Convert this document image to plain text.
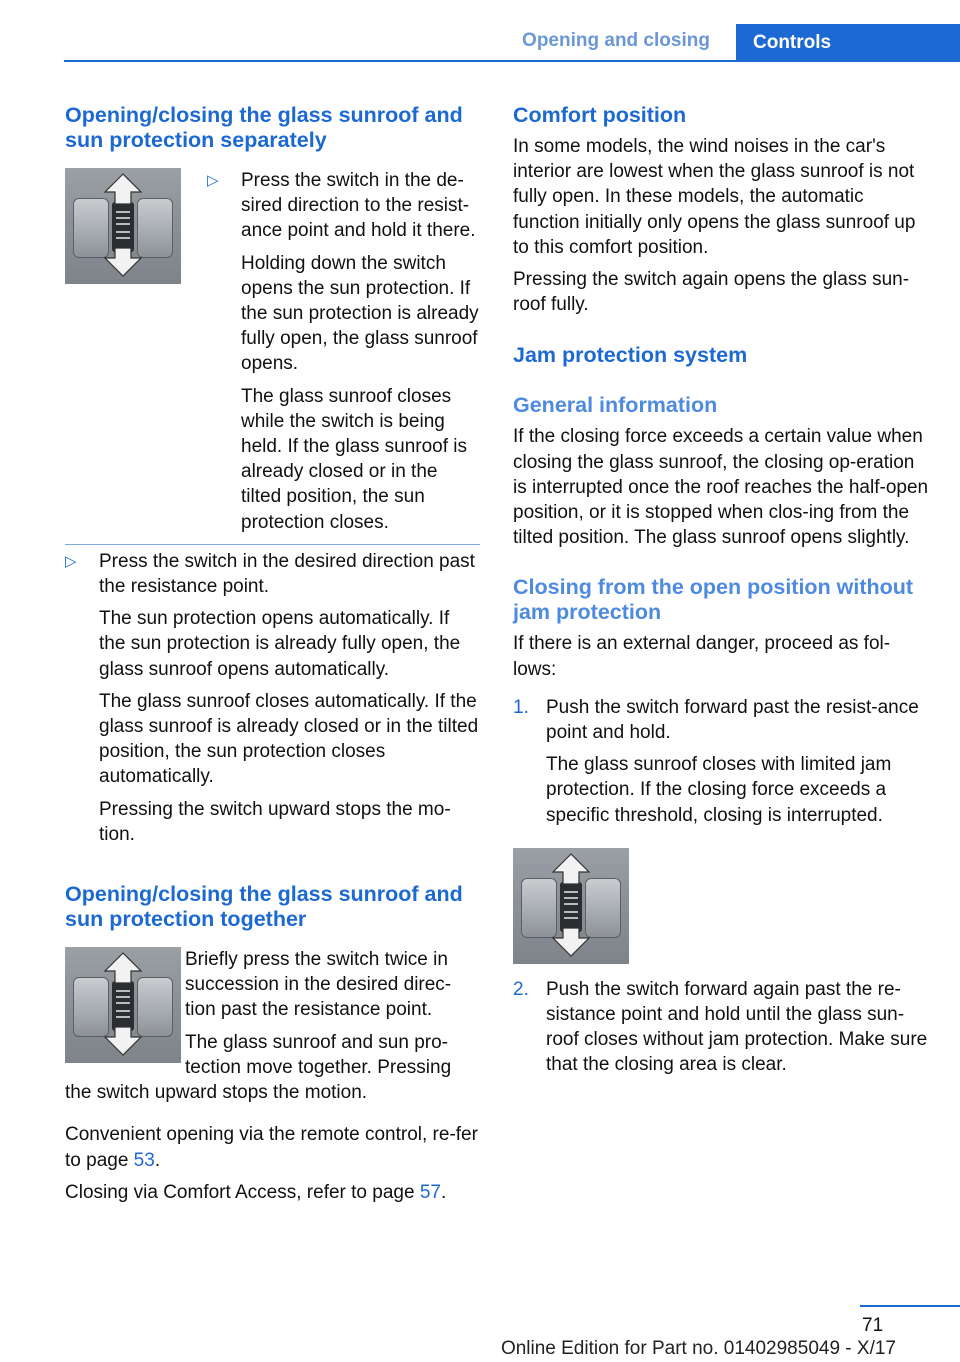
Opening and closing	Controls
Opening/closing the glass sunroof and sun protection separately
▷	Press the switch in the de-sired direction to the resist-ance point and hold it there.

Holding down the switch opens the sun protection. If the sun protection is already fully open, the glass sunroof opens.

The glass sunroof closes while the switch is being held. If the glass sunroof is already closed or in the tilted position, the sun protection closes.

▷	Press the switch in the desired direction past the resistance point.

The sun protection opens automatically. If the sun protection is already fully open, the glass sunroof opens automatically.

The glass sunroof closes automatically. If the glass sunroof is already closed or in the tilted position, the sun protection closes automatically.

Pressing the switch upward stops the mo-tion.

Opening/closing the glass sunroof and sun protection together

Briefly press the switch twice in succession in the desired direc-tion past the resistance point.

The glass sunroof and sun pro-tection move together. Pressing the switch upward stops the motion.

Convenient opening via the remote control, re-fer to page 53.

Closing via Comfort Access, refer to page 57.

Comfort position

In some models, the wind noises in the car's interior are lowest when the glass sunroof is not fully open. In these models, the automatic function initially only opens the glass sunroof up to this comfort position.

Pressing the switch again opens the glass sun-roof fully.

Jam protection system
General information

If the closing force exceeds a certain value when closing the glass sunroof, the closing op-eration is interrupted once the roof reaches the half-open position, or it is stopped when clos-ing from the tilted position. The glass sunroof opens slightly.

Closing from the open position without jam protection

If there is an external danger, proceed as fol-lows:

1. Push the switch forward past the resist-ance point and hold.

The glass sunroof closes with limited jam protection. If the closing force exceeds a specific threshold, closing is interrupted.

2. Push the switch forward again past the re-sistance point and hold until the glass sun-roof closes without jam protection. Make sure that the closing area is clear.

71
Online Edition for Part no. 01402985049 - X/17
